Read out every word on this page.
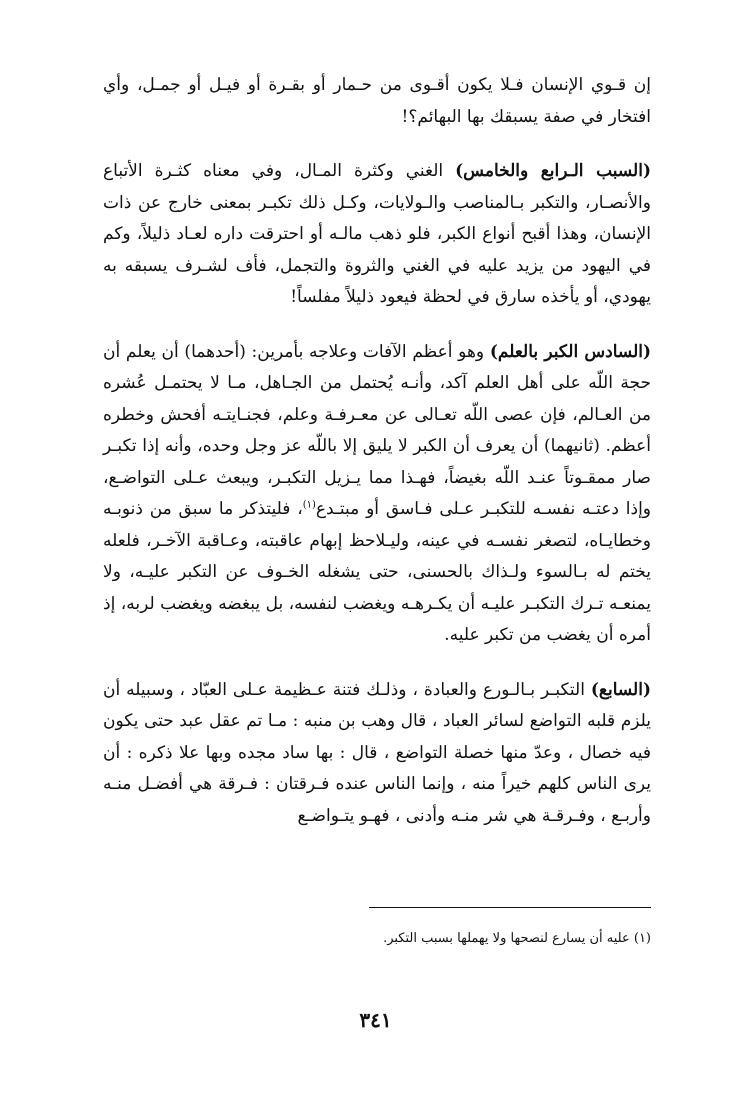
إن قـوي الإنسان فـلا يكون أقـوى من حـمار أو بقـرة أو فيـل أو جمـل، وأي افتخار في صفة يسبقك بها البهائم؟!

(السبب الـرابع والخامس) الغني وكثرة المـال، وفي معناه كثـرة الأتباع والأنصـار، والتكبر بـالمناصب والـولايات، وكـل ذلك تكبـر بمعنى خارج عن ذات الإنسان، وهذا أقبح أنواع الكبر، فلو ذهب مالـه أو احترقت داره لعـاد ذليلاً، وكم في اليهود من يزيد عليه في الغني والثروة والتجمل، فأف لشـرف يسبقه به يهودي، أو يأخذه سارق في لحظة فيعود ذليلاً مفلساً!

(السادس الكبر بالعلم) وهو أعظم الآفات وعلاجه بأمرين: (أحدهما) أن يعلم أن حجة اللّه على أهل العلم آكد، وأنـه يُحتمل من الجـاهل، مـا لا يحتمـل عُشره من العـالم، فإن عصى اللّه تعـالى عن معـرفـة وعلم، فجنـايتـه أفحش وخطره أعظم. (ثانيهما) أن يعرف أن الكبر لا يليق إلا باللّه عز وجل وحده، وأنه إذا تكبـر صار ممقـوتاً عنـد اللّه بغيضاً، فهـذا مما يـزيل التكبـر، ويبعث عـلى التواضـع، وإذا دعتـه نفسـه للتكبـر عـلى فـاسق أو مبتـدع$^{(١)}$، فليتذكر ما سبق من ذنوبـه وخطايـاه، لتصغر نفسـه في عينه، وليـلاحظ إبهام عاقبته، وعـاقبة الآخـر، فلعله يختم له بـالسوء ولـذاك بالحسنى، حتى يشغله الخـوف عن التكبر عليـه، ولا يمنعـه تـرك التكبـر عليـه أن يكـرهـه ويغضب لنفسه، بل يبغضه ويغضب لربه، إذ أمره أن يغضب من تكبر عليه.

(السابع) التكبـر بـالـورع والعبادة ، وذلـك فتنة عـظيمة عـلى العبّاد ، وسبيله أن يلزم قلبه التواضع لسائر العباد ، قال وهب بن منبه : مـا تم عقل عبد حتى يكون فيه خصال ، وعدّ منها خصلة التواضع ، قال : بها ساد مجده وبها علا ذكره : أن يرى الناس كلهم خيراً منه ، وإنما الناس عنده فـرقتان : فـرقة هي أفضـل منـه وأربـع ، وفـرقـة هي شر منـه وأدنى ، فهـو يتـواضـع

(١) عليه أن يسارع لنصحها ولا يهملها بسبب التكبر.
٣٤١
